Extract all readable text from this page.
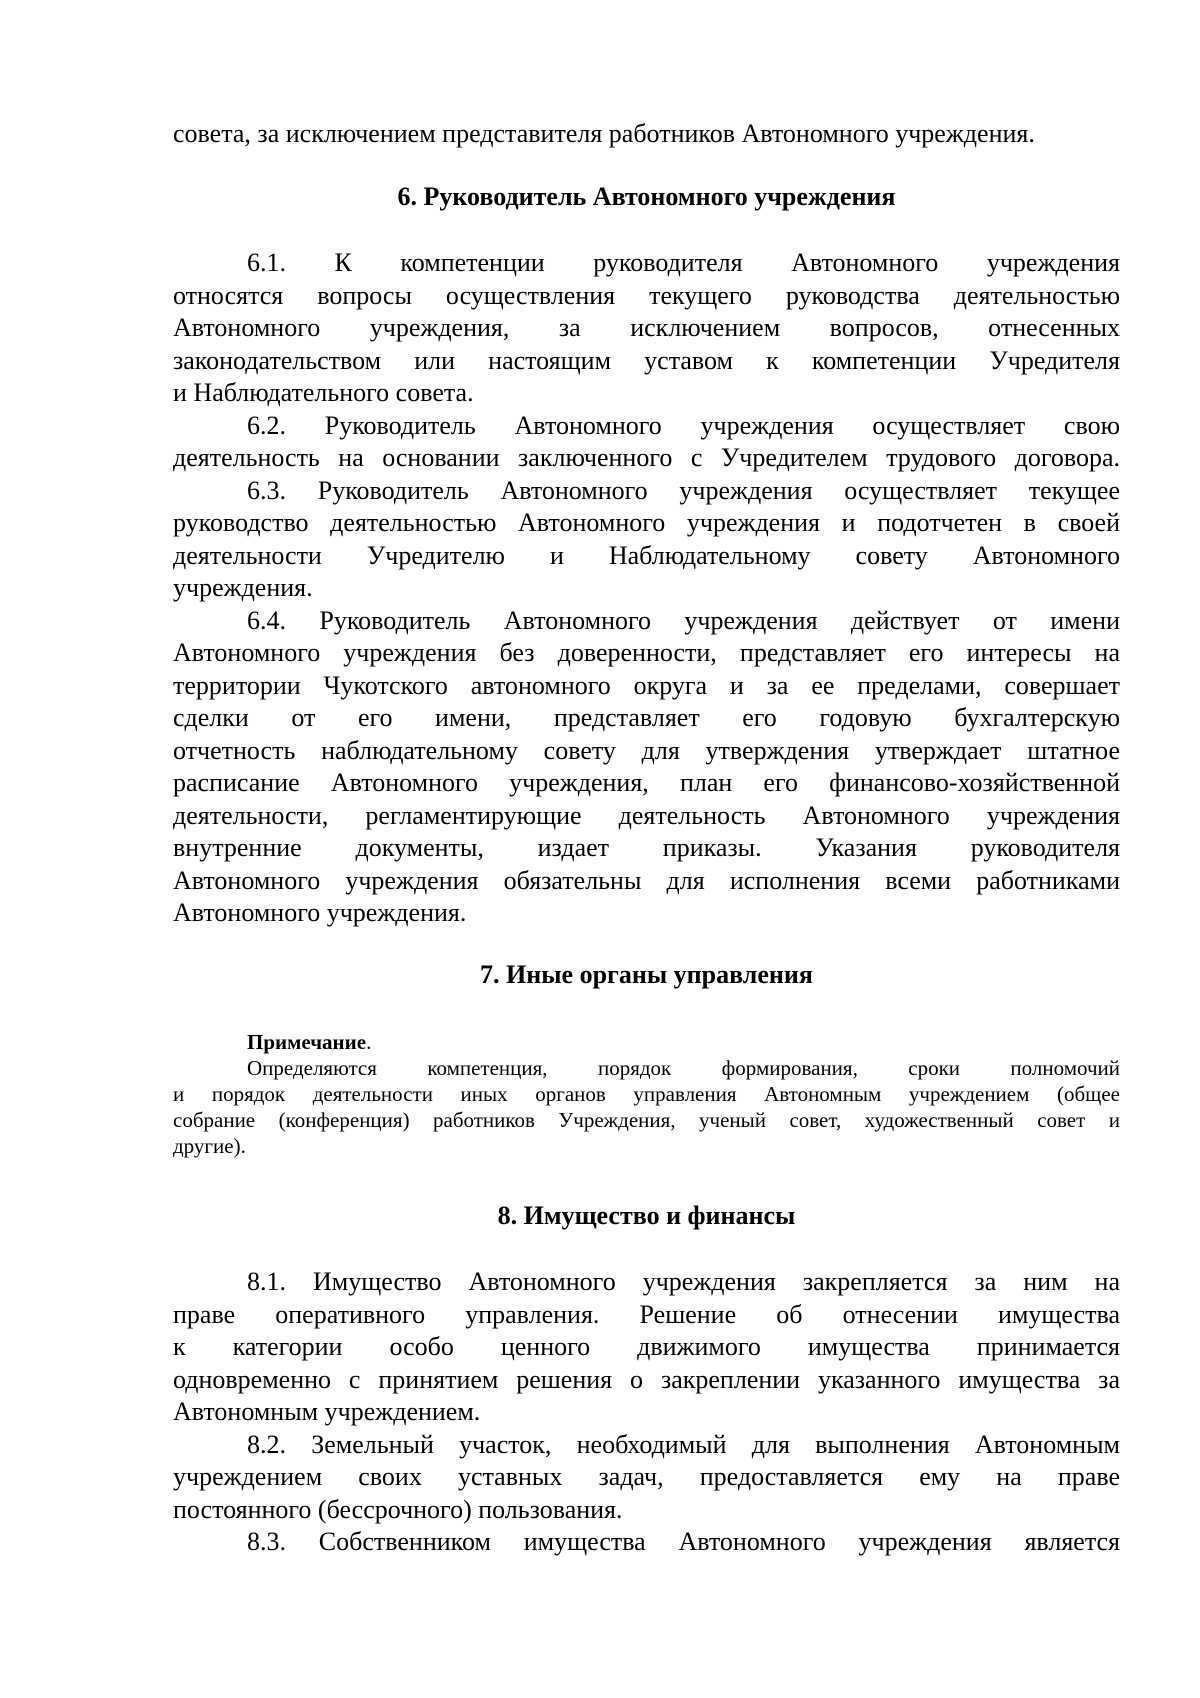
совета, за исключением представителя работников Автономного учреждения.
6. Руководитель Автономного учреждения
6.1. К компетенции руководителя Автономного учреждения
относятся вопросы осуществления текущего руководства деятельностью
Автономного учреждения, за исключением вопросов, отнесенных
законодательством или настоящим уставом к компетенции Учредителя
и Наблюдательного совета.
6.2. Руководитель Автономного учреждения осуществляет свою
деятельность на основании заключенного с Учредителем трудового договора.
6.3. Руководитель Автономного учреждения осуществляет текущее
руководство деятельностью Автономного учреждения и подотчетен в своей
деятельности Учредителю и Наблюдательному совету Автономного
учреждения.
6.4. Руководитель Автономного учреждения действует от имени
Автономного учреждения без доверенности, представляет его интересы на
территории Чукотского автономного округа и за ее пределами, совершает
сделки от его имени, представляет его годовую бухгалтерскую
отчетность наблюдательному совету для утверждения утверждает штатное
расписание Автономного учреждения, план его финансово-хозяйственной
деятельности, регламентирующие деятельность Автономного учреждения
внутренние документы, издает приказы. Указания руководителя
Автономного учреждения обязательны для исполнения всеми работниками
Автономного учреждения.
7. Иные органы управления
Примечание.
Определяются компетенция, порядок формирования, сроки полномочий
и порядок деятельности иных органов управления Автономным учреждением (общее
собрание (конференция) работников Учреждения, ученый совет, художественный совет и
другие).
8. Имущество и финансы
8.1. Имущество Автономного учреждения закрепляется за ним на
праве оперативного управления. Решение об отнесении имущества
к категории особо ценного движимого имущества принимается
одновременно с принятием решения о закреплении указанного имущества за
Автономным учреждением.
8.2. Земельный участок, необходимый для выполнения Автономным
учреждением своих уставных задач, предоставляется ему на праве
постоянного (бессрочного) пользования.
8.3. Собственником имущества Автономного учреждения является
